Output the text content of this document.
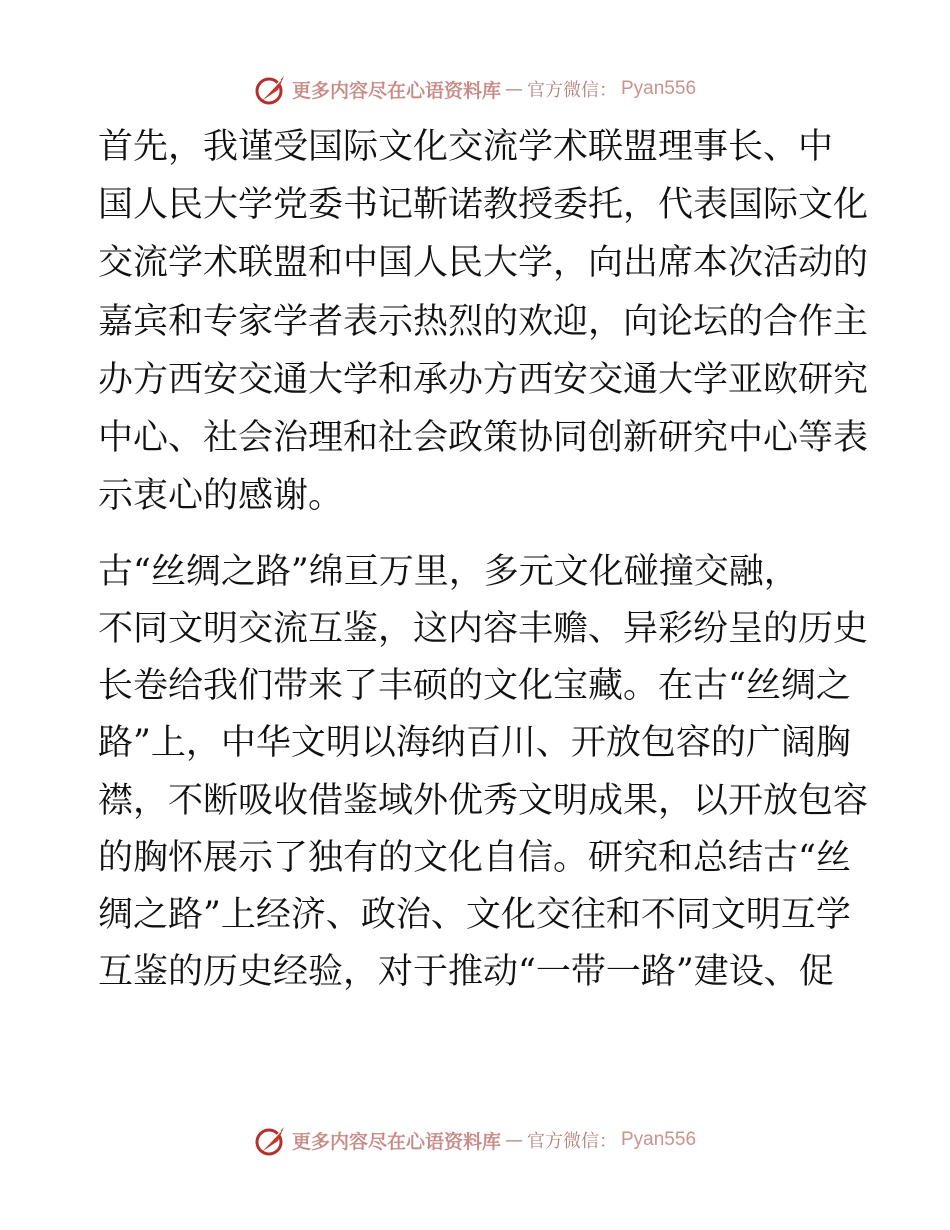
更多内容尽在心语资料库 — 官方微信： Pyan556
首先，我谨受国际文化交流学术联盟理事长、中
国人民大学党委书记靳诺教授委托，代表国际文化
交流学术联盟和中国人民大学，向出席本次活动的
嘉宾和专家学者表示热烈的欢迎，向论坛的合作主
办方西安交通大学和承办方西安交通大学亚欧研究
中心、社会治理和社会政策协同创新研究中心等表
示衷心的感谢。
古“丝绸之路”绵亘万里，多元文化碰撞交融，
不同文明交流互鉴，这内容丰赡、异彩纷呈的历史
长卷给我们带来了丰硕的文化宝藏。在古“丝绸之
路”上，中华文明以海纳百川、开放包容的广阔胸
襟，不断吸收借鉴域外优秀文明成果，以开放包容
的胸怀展示了独有的文化自信。研究和总结古“丝
绸之路”上经济、政治、文化交往和不同文明互学
互鉴的历史经验，对于推动“一带一路”建设、促
更多内容尽在心语资料库 — 官方微信： Pyan556
